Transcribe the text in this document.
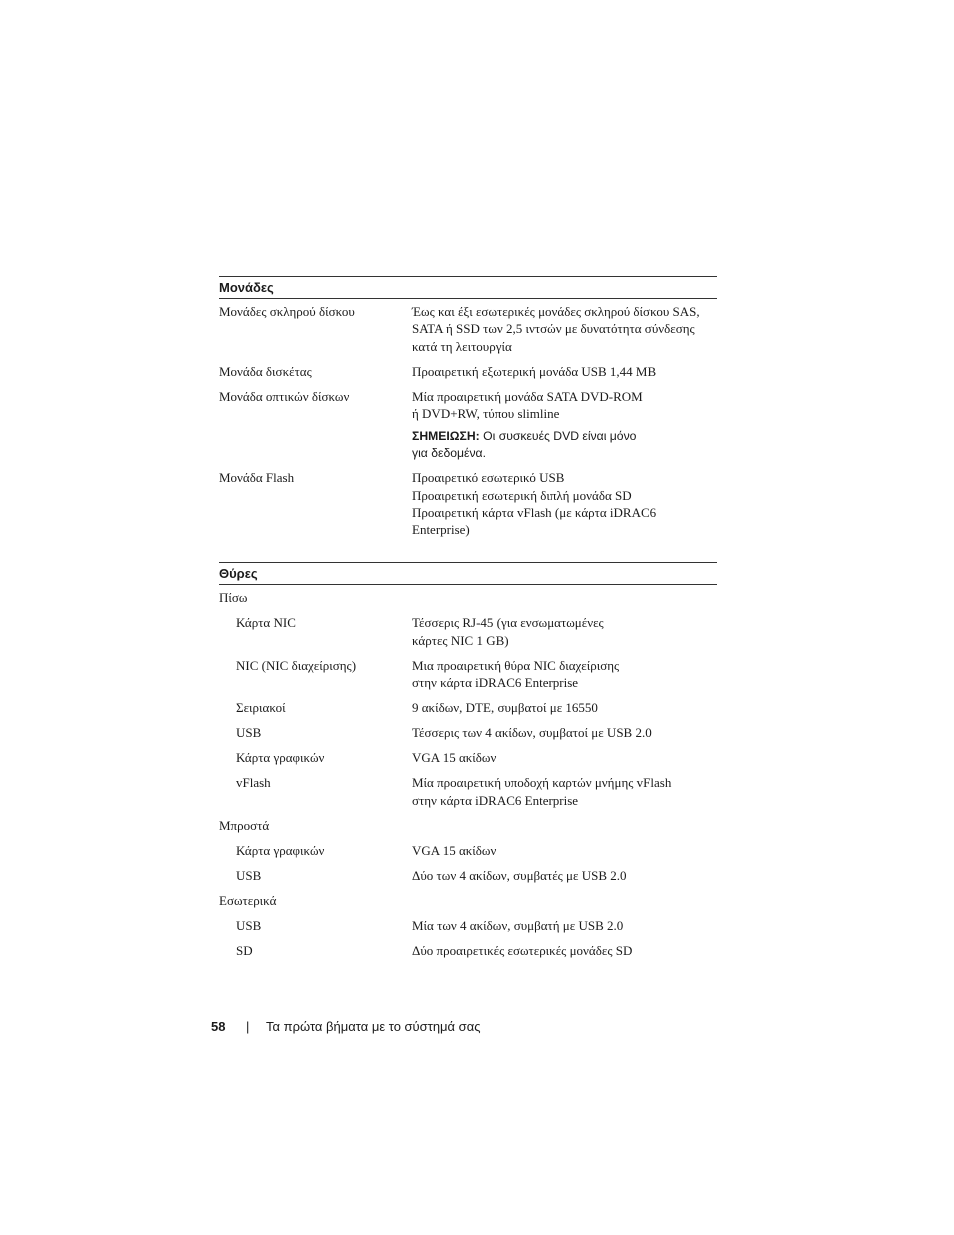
Μονάδες
Μονάδες σκληρού δίσκου	Έως και έξι εσωτερικές μονάδες σκληρού δίσκου SAS,
SATA ή SSD των 2,5 ιντσών με δυνατότητα σύνδεσης
κατά τη λειτουργία
Μονάδα δισκέτας	Προαιρετική εξωτερική μονάδα USB 1,44 MB
Μονάδα οπτικών δίσκων	Μία προαιρετική μονάδα SATA DVD-ROM
ή DVD+RW, τύπου slimline
ΣΗΜΕΙΩΣΗ: Οι συσκευές DVD είναι μόνο
για δεδομένα.
Μονάδα Flash	Προαιρετικό εσωτερικό USB
Προαιρετική εσωτερική διπλή μονάδα SD
Προαιρετική κάρτα vFlash (με κάρτα iDRAC6
Enterprise)
Θύρες
Πίσω
Κάρτα NIC	Τέσσερις RJ-45 (για ενσωματωμένες
κάρτες NIC 1 GB)
NIC (NIC διαχείρισης)	Μια προαιρετική θύρα NIC διαχείρισης
στην κάρτα iDRAC6 Enterprise
Σειριακοί	9 ακίδων, DTE, συμβατοί με 16550
USB	Τέσσερις των 4 ακίδων, συμβατοί με USB 2.0
Κάρτα γραφικών	VGA 15 ακίδων
vFlash	Μία προαιρετική υποδοχή καρτών μνήμης vFlash
στην κάρτα iDRAC6 Enterprise
Μπροστά
Κάρτα γραφικών	VGA 15 ακίδων
USB	Δύο των 4 ακίδων, συμβατές με USB 2.0
Εσωτερικά
USB	Μία των 4 ακίδων, συμβατή με USB 2.0
SD	Δύο προαιρετικές εσωτερικές μονάδες SD
58	|	Τα πρώτα βήματα με το σύστημά σας
